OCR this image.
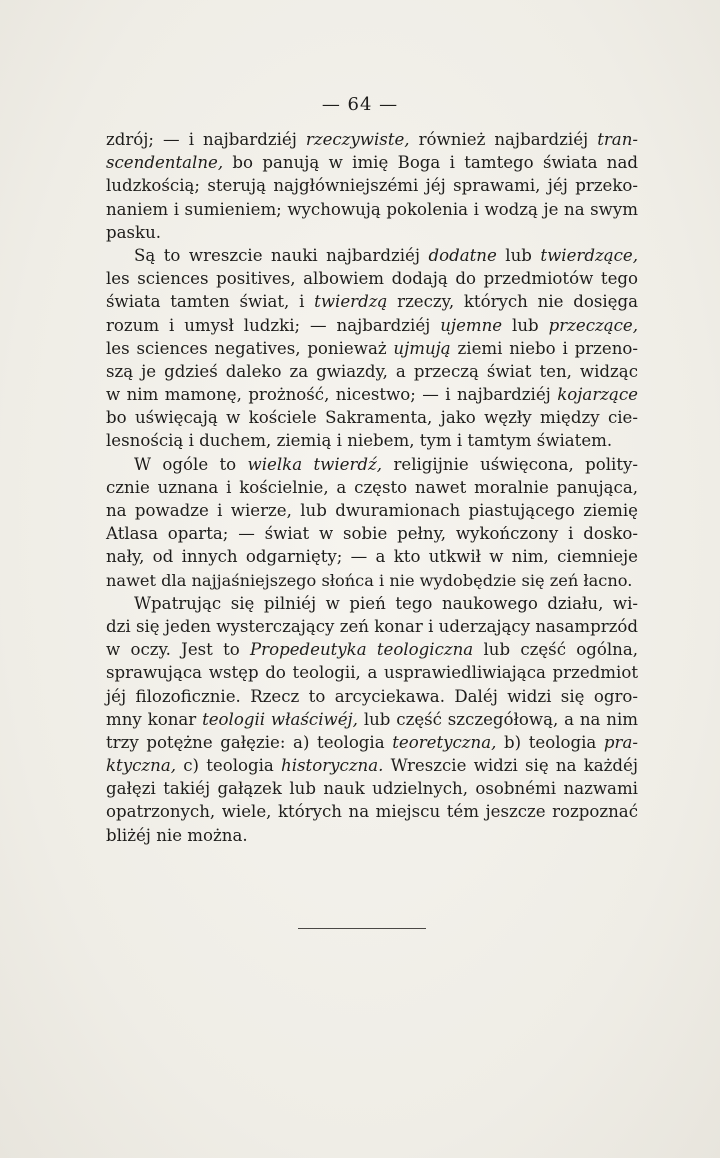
— 64 —
zdrój; — i najbardziéj rzeczywiste, również najbardziéj tran-
scendentalne, bo panują w imię Boga i tamtego świata nad
ludzkością; sterują najgłówniejszémi jéj sprawami, jéj przeko-
naniem i sumieniem; wychowują pokolenia i wodzą je na swym
pasku.
Są to wreszcie nauki najbardziéj dodatne lub twierdzące,
les sciences positives, albowiem dodają do przedmiotów tego
świata tamten świat, i twierdzą rzeczy, których nie dosięga
rozum i umysł ludzki; — najbardziéj ujemne lub przeczące,
les sciences negatives, ponieważ ujmują ziemi niebo i przeno-
szą je gdzieś daleko za gwiazdy, a przeczą świat ten, widząc
w nim mamonę, prożność, nicestwo; — i najbardziéj kojarzące
bo uświęcają w kościele Sakramenta, jako węzły między cie-
lesnością i duchem, ziemią i niebem, tym i tamtym światem.
W ogóle to wielka twierdź, religijnie uświęcona, polity-
cznie uznana i kościelnie, a często nawet moralnie panująca,
na powadze i wierze, lub dwuramionach piastującego ziemię
Atlasa oparta; — świat w sobie pełny, wykończony i dosko-
nały, od innych odgarnięty; — a kto utkwił w nim, ciemnieje
nawet dla najjaśniejszego słońca i nie wydobędzie się zeń łacno.
Wpatrując się pilniéj w pień tego naukowego działu, wi-
dzi się jeden wysterczający zeń konar i uderzający nasamprzód
w oczy. Jest to Propedeutyka teologiczna lub część ogólna,
sprawująca wstęp do teologii, a usprawiedliwiająca przedmiot
jéj filozoficznie. Rzecz to arcyciekawa. Daléj widzi się ogro-
mny konar teologii właściwéj, lub część szczegółową, a na nim
trzy potężne gałęzie: a) teologia teoretyczna, b) teologia pra-
ktyczna, c) teologia historyczna. Wreszcie widzi się na każdéj
gałęzi takiéj gałązek lub nauk udzielnych, osobnémi nazwami
opatrzonych, wiele, których na miejscu tém jeszcze rozpoznać
bliżéj nie można.
